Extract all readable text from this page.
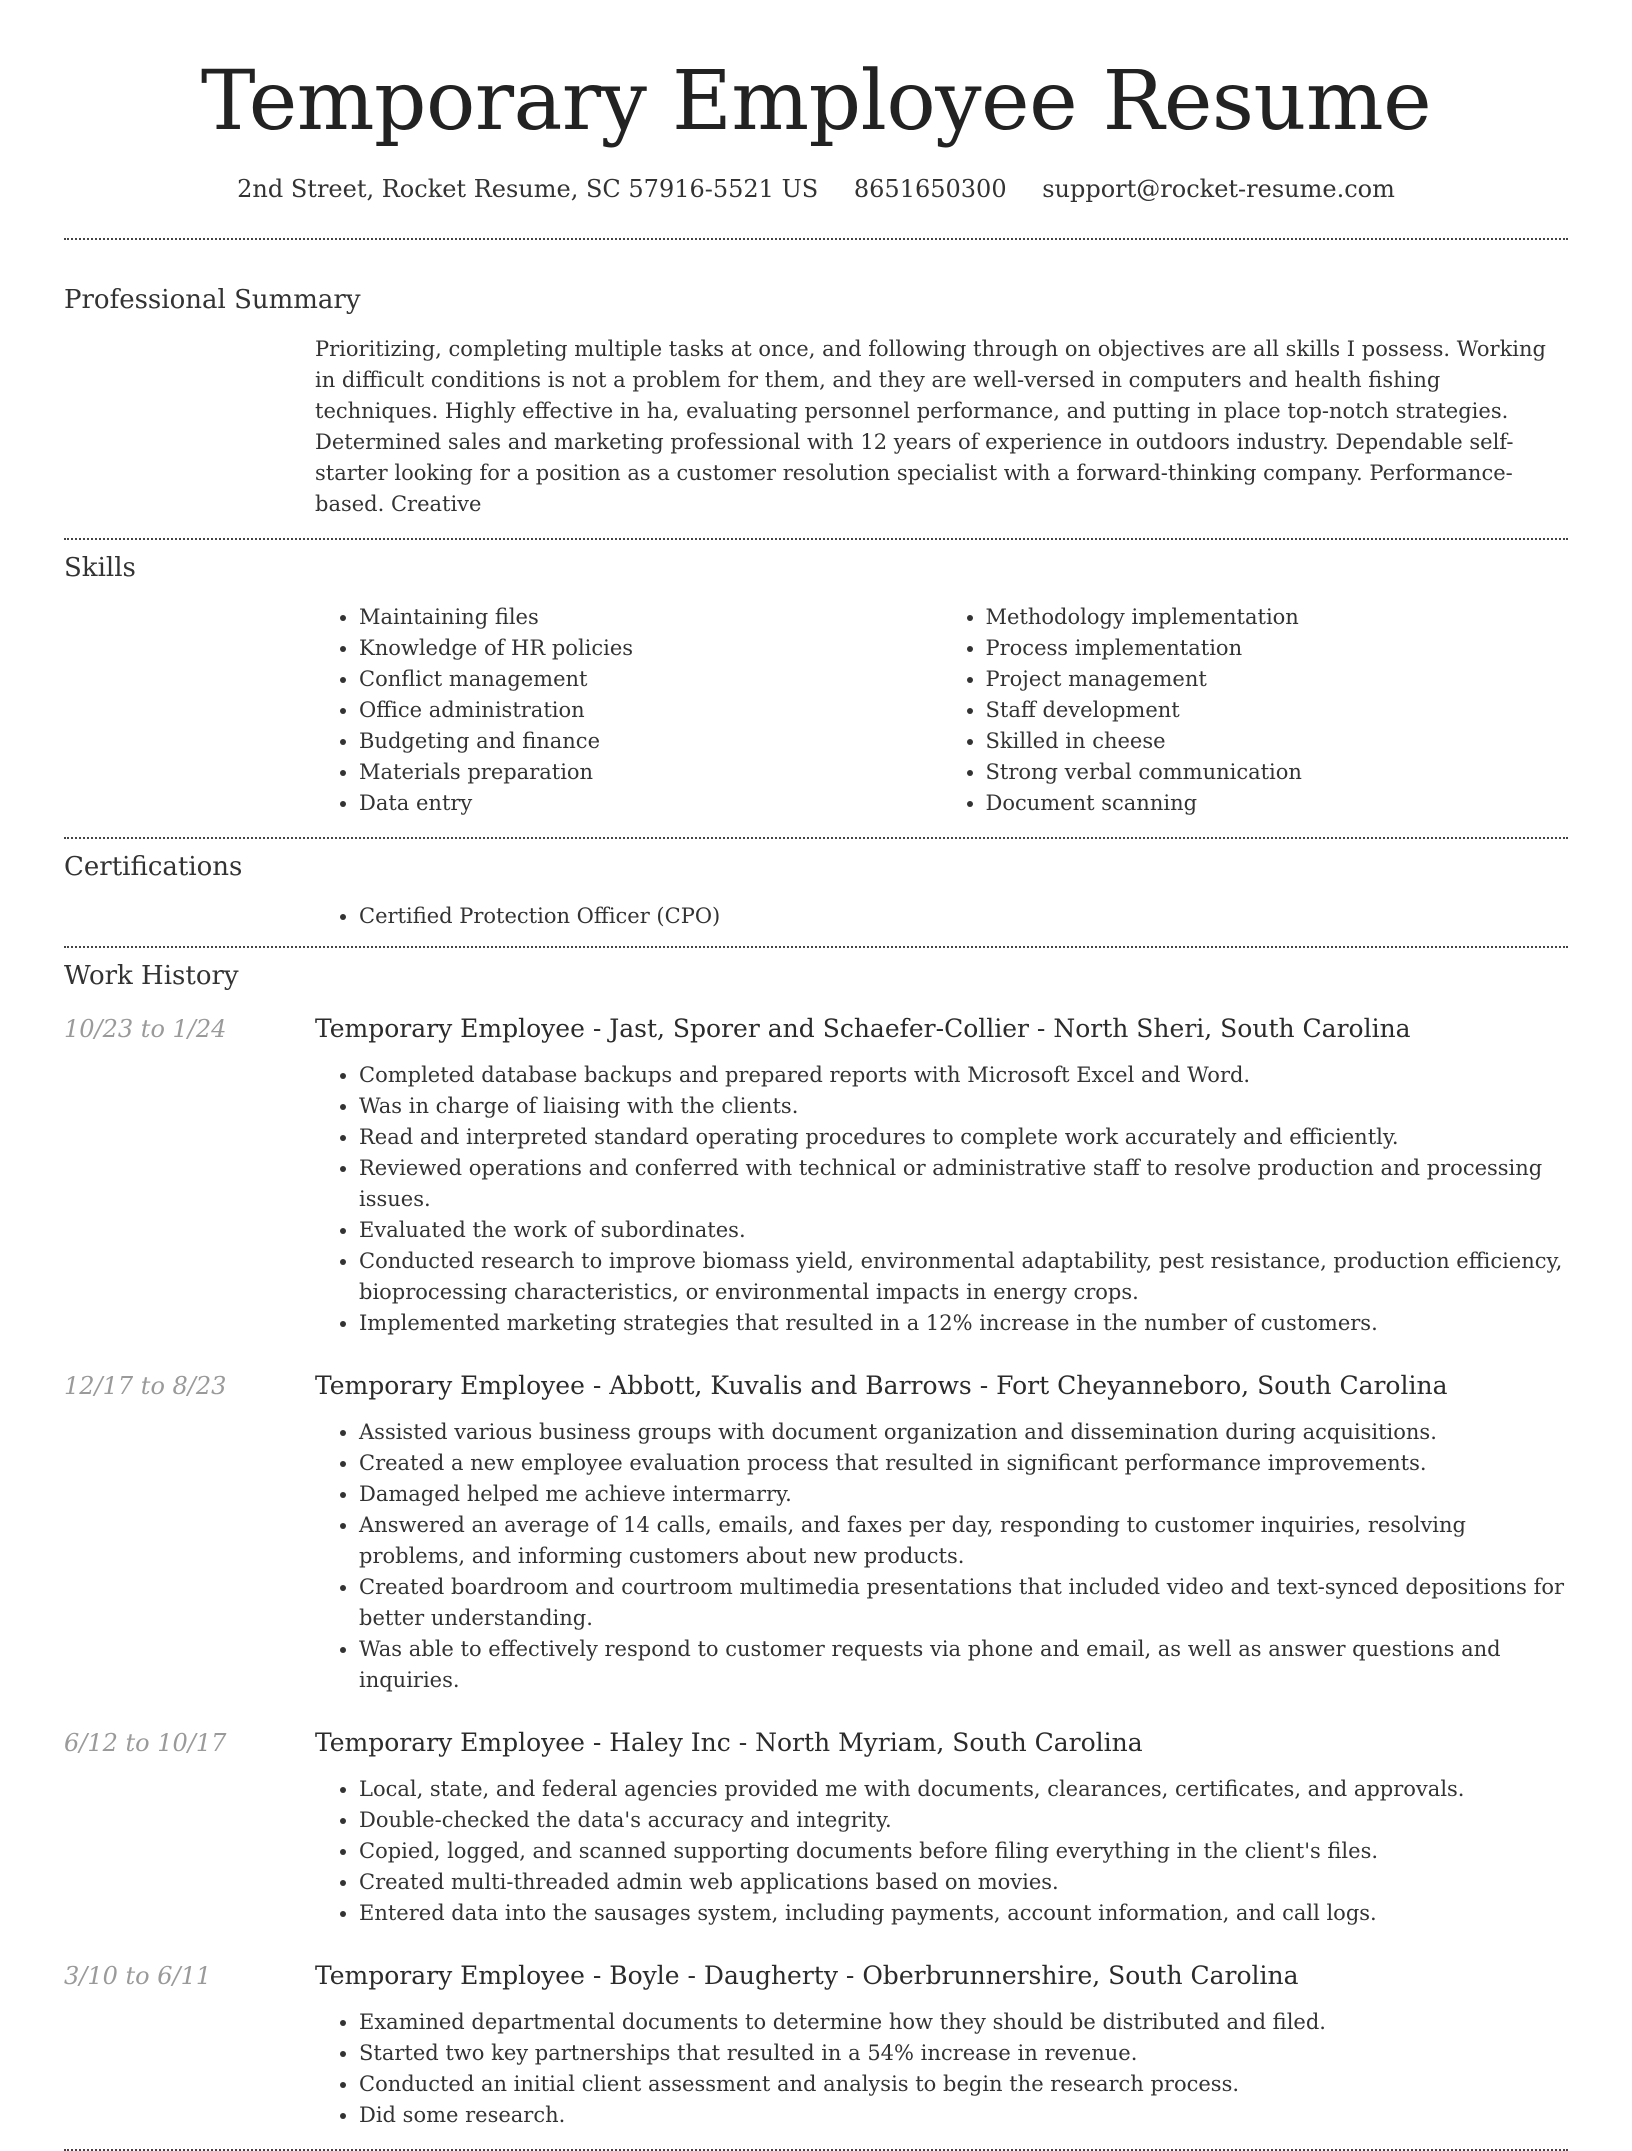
Temporary Employee Resume
2nd Street, Rocket Resume, SC 57916-5521 US 8651650300 support@rocket-resume.com
Professional Summary

Prioritizing, completing multiple tasks at once, and following through on objectives are all skills I possess. Working in difficult conditions is not a problem for them, and they are well-versed in computers and health fishing techniques. Highly effective in ha, evaluating personnel performance, and putting in place top-notch strategies. Determined sales and marketing professional with 12 years of experience in outdoors industry. Dependable self-starter looking for a position as a customer resolution specialist with a forward-thinking company. Performance-based. Creative

Skills
• Maintaining files
• Knowledge of HR policies
• Conflict management
• Office administration
• Budgeting and finance
• Materials preparation
• Data entry
• Methodology implementation
• Process implementation
• Project management
• Staff development
• Skilled in cheese
• Strong verbal communication
• Document scanning
Certifications
• Certified Protection Officer (CPO)
Work History
10/23 to 1/24	Temporary Employee - Jast, Sporer and Schaefer-Collier - North Sheri, South Carolina
• Completed database backups and prepared reports with Microsoft Excel and Word.
• Was in charge of liaising with the clients.
• Read and interpreted standard operating procedures to complete work accurately and efficiently.
• Reviewed operations and conferred with technical or administrative staff to resolve production and processing issues.
• Evaluated the work of subordinates.
• Conducted research to improve biomass yield, environmental adaptability, pest resistance, production efficiency, bioprocessing characteristics, or environmental impacts in energy crops.
• Implemented marketing strategies that resulted in a 12% increase in the number of customers.
12/17 to 8/23	Temporary Employee - Abbott, Kuvalis and Barrows - Fort Cheyanneboro, South Carolina
• Assisted various business groups with document organization and dissemination during acquisitions.
• Created a new employee evaluation process that resulted in significant performance improvements.
• Damaged helped me achieve intermarry.
• Answered an average of 14 calls, emails, and faxes per day, responding to customer inquiries, resolving problems, and informing customers about new products.
• Created boardroom and courtroom multimedia presentations that included video and text-synced depositions for better understanding.
• Was able to effectively respond to customer requests via phone and email, as well as answer questions and inquiries.
6/12 to 10/17	Temporary Employee - Haley Inc - North Myriam, South Carolina
• Local, state, and federal agencies provided me with documents, clearances, certificates, and approvals.
• Double-checked the data's accuracy and integrity.
• Copied, logged, and scanned supporting documents before filing everything in the client's files.
• Created multi-threaded admin web applications based on movies.
• Entered data into the sausages system, including payments, account information, and call logs.
3/10 to 6/11	Temporary Employee - Boyle - Daugherty - Oberbrunnershire, South Carolina
• Examined departmental documents to determine how they should be distributed and filed.
• Started two key partnerships that resulted in a 54% increase in revenue.
• Conducted an initial client assessment and analysis to begin the research process.
• Did some research.
